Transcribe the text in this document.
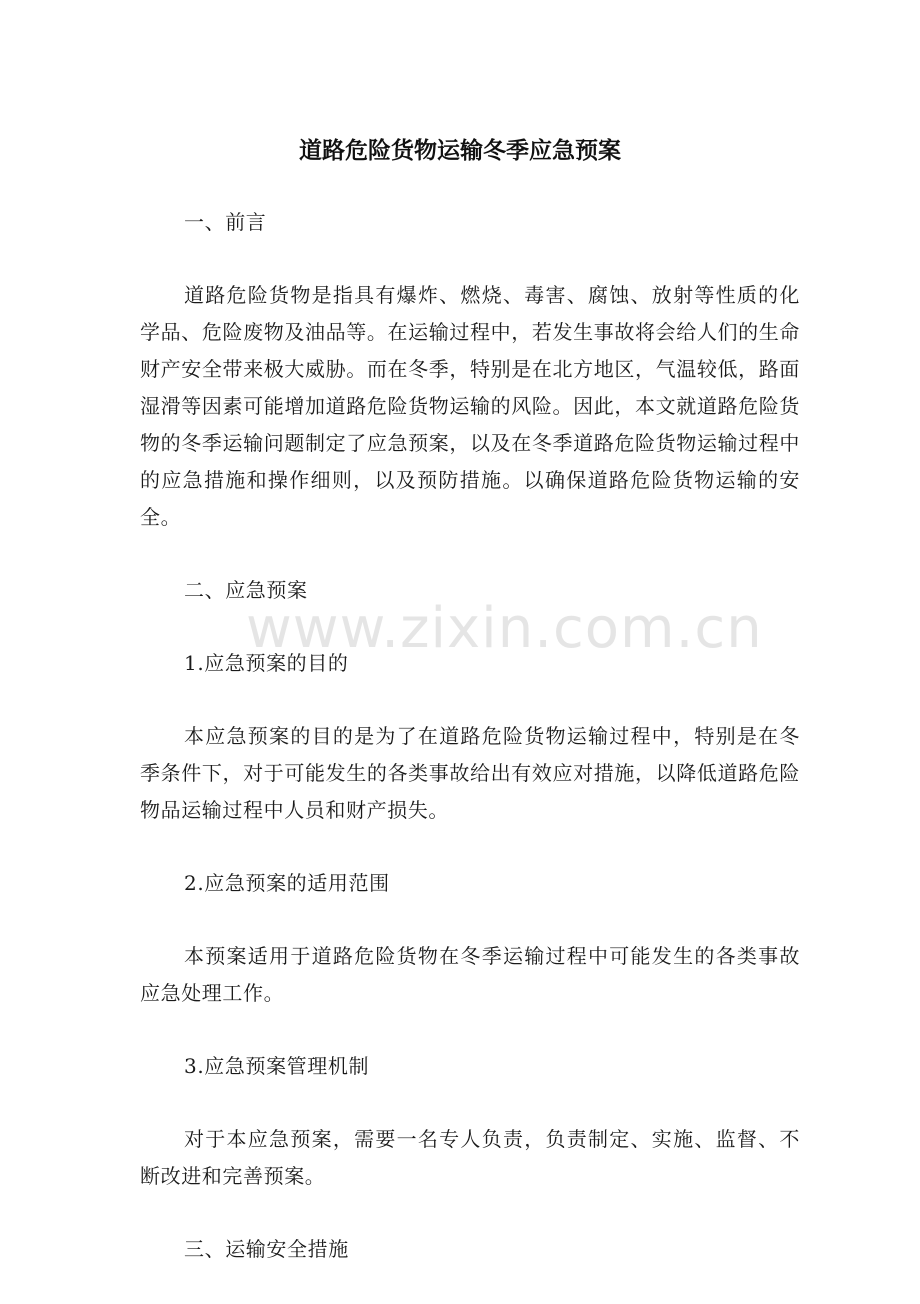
道路危险货物运输冬季应急预案

一、前言

道路危险货物是指具有爆炸、燃烧、毒害、腐蚀、放射等性质的化学品、危险废物及油品等。在运输过程中，若发生事故将会给人们的生命财产安全带来极大威胁。而在冬季，特别是在北方地区，气温较低，路面湿滑等因素可能增加道路危险货物运输的风险。因此，本文就道路危险货物的冬季运输问题制定了应急预案，以及在冬季道路危险货物运输过程中的应急措施和操作细则，以及预防措施。以确保道路危险货物运输的安全。

二、应急预案

1.应急预案的目的

本应急预案的目的是为了在道路危险货物运输过程中，特别是在冬季条件下，对于可能发生的各类事故给出有效应对措施，以降低道路危险物品运输过程中人员和财产损失。

2.应急预案的适用范围

本预案适用于道路危险货物在冬季运输过程中可能发生的各类事故应急处理工作。

3.应急预案管理机制

对于本应急预案，需要一名专人负责，负责制定、实施、监督、不断改进和完善预案。

三、运输安全措施

www.zixin.com.cn
